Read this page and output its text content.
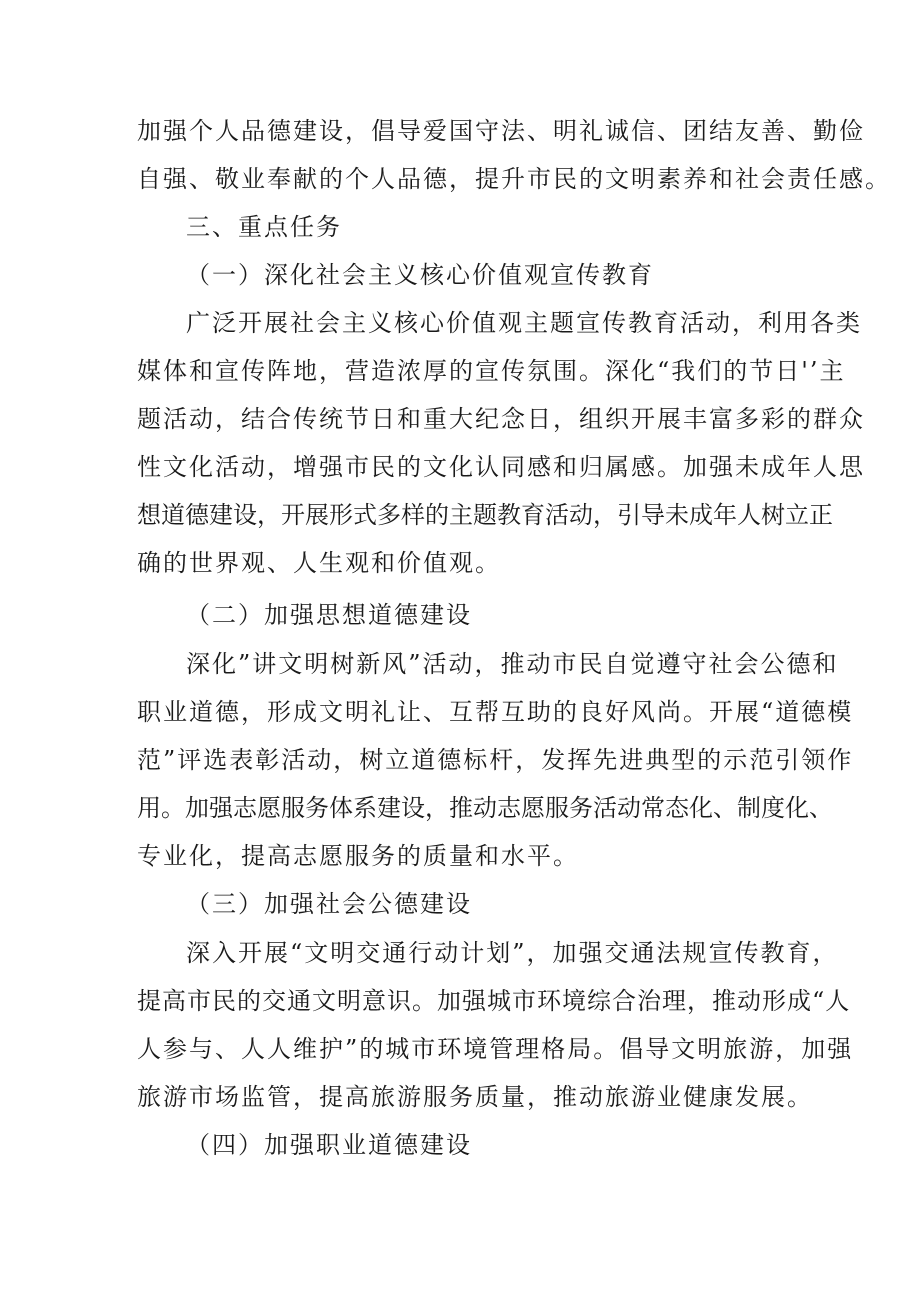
加强个人品德建设，倡导爱国守法、明礼诚信、团结友善、勤俭
自强、敬业奉献的个人品德，提升市民的文明素养和社会责任感。
三、重点任务
（一）深化社会主义核心价值观宣传教育
广泛开展社会主义核心价值观主题宣传教育活动，利用各类
媒体和宣传阵地，营造浓厚的宣传氛围。深化“我们的节日'’主
题活动，结合传统节日和重大纪念日，组织开展丰富多彩的群众
性文化活动，增强市民的文化认同感和归属感。加强未成年人思
想道德建设，开展形式多样的主题教育活动，引导未成年人树立正
确的世界观、人生观和价值观。
（二）加强思想道德建设
深化”讲文明树新风”活动，推动市民自觉遵守社会公德和
职业道德，形成文明礼让、互帮互助的良好风尚。开展“道德模
范”评选表彰活动，树立道德标杆，发挥先进典型的示范引领作
用。加强志愿服务体系建设，推动志愿服务活动常态化、制度化、
专业化，提高志愿服务的质量和水平。
（三）加强社会公德建设
深入开展“文明交通行动计划”，加强交通法规宣传教育，
提高市民的交通文明意识。加强城市环境综合治理，推动形成“人
人参与、人人维护”的城市环境管理格局。倡导文明旅游，加强
旅游市场监管，提高旅游服务质量，推动旅游业健康发展。
（四）加强职业道德建设
